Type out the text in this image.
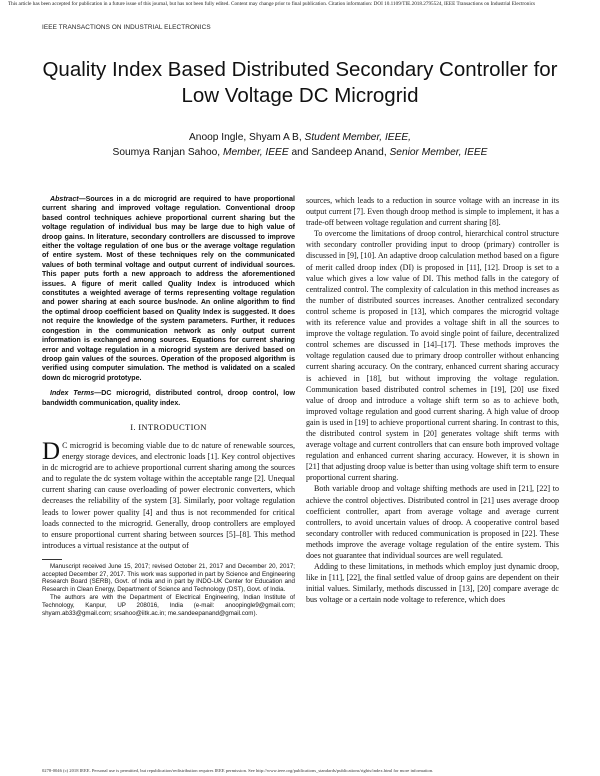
This article has been accepted for publication in a future issue of this journal, but has not been fully edited. Content may change prior to final publication. Citation information: DOI 10.1109/TIE.2018.2795524, IEEE Transactions on Industrial Electronics
IEEE TRANSACTIONS ON INDUSTRIAL ELECTRONICS
Quality Index Based Distributed Secondary Controller for Low Voltage DC Microgrid
Anoop Ingle, Shyam A B, Student Member, IEEE,
Soumya Ranjan Sahoo, Member, IEEE and Sandeep Anand, Senior Member, IEEE

Abstract—Sources in a dc microgrid are required to have proportional current sharing and improved voltage regulation. Conventional droop based control techniques achieve proportional current sharing but the voltage regulation of individual bus may be large due to high value of droop gains. In literature, secondary controllers are discussed to improve either the voltage regulation of one bus or the average voltage regulation of entire system. Most of these techniques rely on the communicated values of both terminal voltage and output current of individual sources. This paper puts forth a new approach to address the aforementioned issues. A figure of merit called Quality Index is introduced which constitutes a weighted average of terms representing voltage regulation and power sharing at each source bus/node. An online algorithm to find the optimal droop coefficient based on Quality Index is suggested. It does not require the knowledge of the system parameters. Further, it reduces congestion in the communication network as only output current information is exchanged among sources. Equations for current sharing error and voltage regulation in a microgrid system are derived based on droop gain values of the sources. Operation of the proposed algorithm is verified using computer simulation. The method is validated on a scaled down dc microgrid prototype.

Index Terms—DC microgrid, distributed control, droop control, low bandwidth communication, quality index.

I. INTRODUCTION

D C microgrid is becoming viable due to dc nature of renewable sources, energy storage devices, and electronic loads [1]. Key control objectives in dc microgrid are to achieve proportional current sharing among the sources and to regulate the dc system voltage within the acceptable range [2]. Unequal current sharing can cause overloading of power electronic converters, which decreases the reliability of the system [3]. Similarly, poor voltage regulation leads to lower power quality [4] and thus is not recommended for critical loads connected to the microgrid. Generally, droop controllers are employed to ensure proportional current sharing between sources [5]–[8]. This method introduces a virtual resistance at the output of

Manuscript received June 15, 2017; revised October 21, 2017 and December 20, 2017; accepted December 27, 2017. This work was supported in part by Science and Engineering Research Board (SERB), Govt. of India and in part by INDO-UK Center for Education and Research in Clean Energy, Department of Science and Technology (DST), Govt. of India.

The authors are with the Department of Electrical Engineering, Indian Institute of Technology, Kanpur, UP 208016, India (e-mail: anoopingle9@gmail.com; shyam.ab33@gmail.com; srsahoo@iitk.ac.in; me.sandeepanand@gmail.com).

sources, which leads to a reduction in source voltage with an increase in its output current [7]. Even though droop method is simple to implement, it has a trade-off between voltage regulation and current sharing [8].

To overcome the limitations of droop control, hierarchical control structure with secondary controller providing input to droop (primary) controller is discussed in [9], [10]. An adaptive droop calculation method based on a figure of merit called droop index (DI) is proposed in [11], [12]. Droop is set to a value which gives a low value of DI. This method falls in the category of centralized control. The complexity of calculation in this method increases as the number of distributed sources increases. Another centralized secondary control scheme is proposed in [13], which compares the microgrid voltage with its reference value and provides a voltage shift in all the sources to improve the voltage regulation. To avoid single point of failure, decentralized control schemes are discussed in [14]–[17]. These methods improves the voltage regulation caused due to primary droop controller without enhancing current sharing accuracy. On the contrary, enhanced current sharing accuracy is achieved in [18], but without improving the voltage regulation. Communication based distributed control schemes in [19], [20] use fixed value of droop and introduce a voltage shift term so as to achieve both, improved voltage regulation and good current sharing. A high value of droop gain is used in [19] to achieve proportional current sharing. In contrast to this, the distributed control system in [20] generates voltage shift terms with average voltage and current controllers that can ensure both improved voltage regulation and enhanced current sharing accuracy. However, it is shown in [21] that adjusting droop value is better than using voltage shift term to ensure proportional current sharing.

Both variable droop and voltage shifting methods are used in [21], [22] to achieve the control objectives. Distributed control in [21] uses average droop coefficient controller, apart from average voltage and average current controllers, to avoid uncertain values of droop. A cooperative control based secondary controller with reduced communication is proposed in [22]. These methods improve the average voltage regulation of the entire system. This does not guarantee that individual sources are well regulated.

Adding to these limitations, in methods which employ just dynamic droop, like in [11], [22], the final settled value of droop gains are dependent on their initial values. Similarly, methods discussed in [13], [20] compare average dc bus voltage or a certain node voltage to reference, which does

0278-0046 (c) 2018 IEEE. Personal use is permitted, but republication/redistribution requires IEEE permission. See http://www.ieee.org/publications_standards/publications/rights/index.html for more information.
